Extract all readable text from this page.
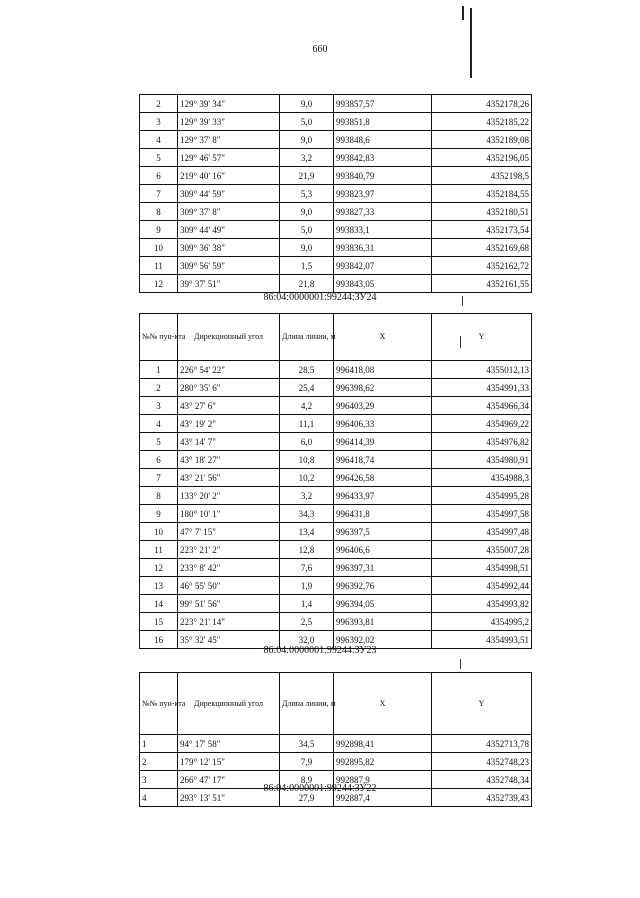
660
2	129° 39' 34"	9,0	993857,57	4352178,26
3	129° 39' 33"	5,0	993851,8	4352185,22
4	129° 37' 8"	9,0	993848,6	4352189,08
5	129° 46' 57"	3,2	993842,83	4352196,05
6	219° 40' 16"	21,9	993840,79	4352198,5
7	309° 44' 59"	5,3	993823,97	4352184,55
8	309° 37' 8"	9,0	993827,33	4352180,51
9	309° 44' 49"	5,0	993833,1	4352173,54
10	309° 36' 38"	9,0	993836,31	4352169,68
11	309° 56' 59"	1,5	993842,07	4352162,72
12	39° 37' 51"	21,8	993843,05	4352161,55
86:04:0000001:99244:ЗУ24
№№ пун-кта	Дирекционный угол	Длина линии, м	X	Y
1	226° 54' 22"	28,5	996418,08	4355012,13
2	280° 35' 6"	25,4	996398,62	4354991,33
3	43° 27' 6"	4,2	996403,29	4354966,34
4	43° 19' 2"	11,1	996406,33	4354969,22
5	43° 14' 7"	6,0	996414,39	4354976,82
6	43° 18' 27"	10,8	996418,74	4354980,91
7	43° 21' 56"	10,2	996426,58	4354988,3
8	133° 20' 2"	3,2	996433,97	4354995,28
9	180° 10' 1"	34,3	996431,8	4354997,58
10	47° 7' 15"	13,4	996397,5	4354997,48
11	223° 21' 2"	12,8	996406,6	4355007,28
12	233° 8' 42"	7,6	996397,31	4354998,51
13	46° 55' 50"	1,9	996392,76	4354992,44
14	99° 51' 56"	1,4	996394,05	4354993,82
15	223° 21' 14"	2,5	996393,81	4354995,2
16	35° 32' 45"	32,0	996392,02	4354993,51
86:04:0000001:99244:ЗУ23
№№ пун-кта	Дирекционный угол	Длина линии, м	X	Y
1	94° 17' 58"	34,5	992898,41	4352713,78
2	179° 12' 15"	7,9	992895,82	4352748,23
3	266° 47' 17"	8,9	992887,9	4352748,34
4	293° 13' 51"	27,9	992887,4	4352739,43
86:04:0000001:99244:ЗУ22
